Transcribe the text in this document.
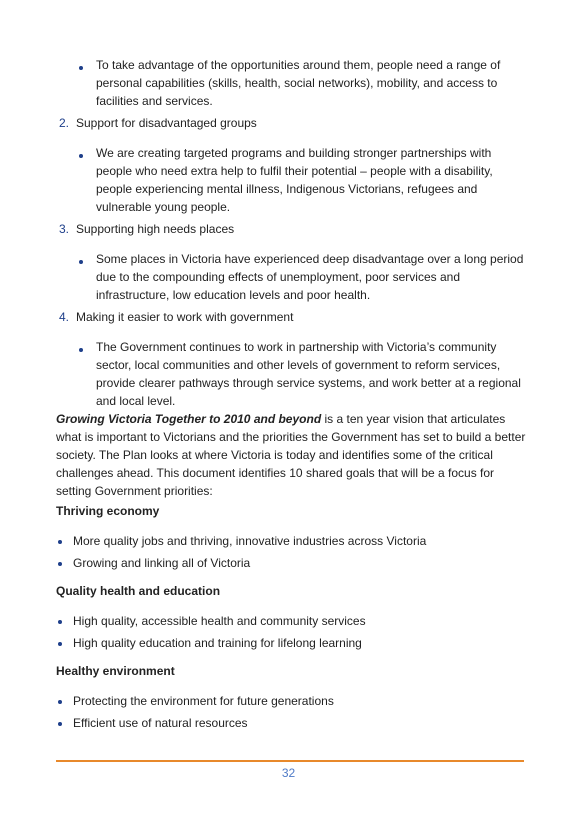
To take advantage of the opportunities around them, people need a range of personal capabilities (skills, health, social networks), mobility, and access to facilities and services.
2. Support for disadvantaged groups
We are creating targeted programs and building stronger partnerships with people who need extra help to fulfil their potential – people with a disability, people experiencing mental illness, Indigenous Victorians, refugees and vulnerable young people.
3. Supporting high needs places
Some places in Victoria have experienced deep disadvantage over a long period due to the compounding effects of unemployment, poor services and infrastructure, low education levels and poor health.
4. Making it easier to work with government
The Government continues to work in partnership with Victoria’s community sector, local communities and other levels of government to reform services, provide clearer pathways through service systems, and work better at a regional and local level.
Growing Victoria Together to 2010 and beyond is a ten year vision that articulates what is important to Victorians and the priorities the Government has set to build a better society. The Plan looks at where Victoria is today and identifies some of the critical challenges ahead. This document identifies 10 shared goals that will be a focus for setting Government priorities:
Thriving economy
More quality jobs and thriving, innovative industries across Victoria
Growing and linking all of Victoria
Quality health and education
High quality, accessible health and community services
High quality education and training for lifelong learning
Healthy environment
Protecting the environment for future generations
Efficient use of natural resources
32
